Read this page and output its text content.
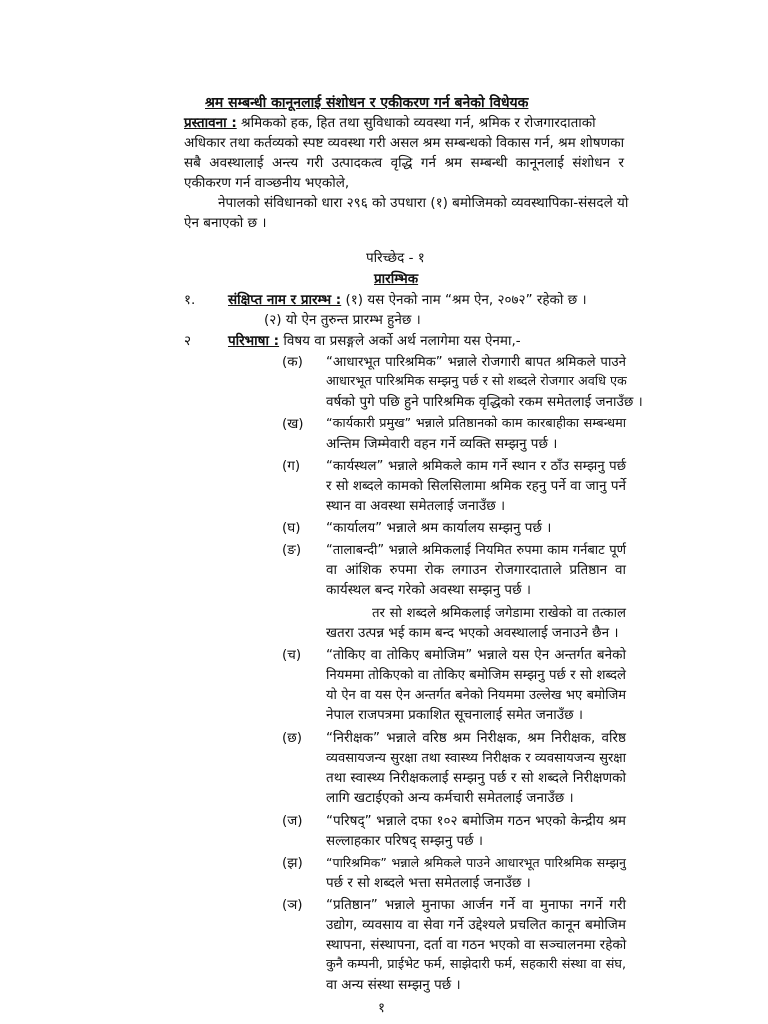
श्रम सम्बन्धी कानूनलाई संशोधन र एकीकरण गर्न बनेको विधेयक
प्रस्तावना : श्रमिकको हक, हित तथा सुविधाको व्यवस्था गर्न, श्रमिक र रोजगारदाताको
अधिकार तथा कर्तव्यको स्पष्ट व्यवस्था गरी असल श्रम सम्बन्धको विकास गर्न, श्रम शोषणका
सबै अवस्थालाई अन्त्य गरी उत्पादकत्व वृद्धि गर्न श्रम सम्बन्धी कानूनलाई संशोधन र
एकीकरण गर्न वाञ्छनीय भएकोले,
नेपालको संविधानको धारा २९६ को उपधारा (१) बमोजिमको व्यवस्थापिका-संसदले यो
ऐन बनाएको छ ।
परिच्छेद - १
प्रारम्भिक
१. संक्षिप्त नाम र प्रारम्भ : (१) यस ऐनको नाम “श्रम ऐन, २०७२” रहेको छ ।
(२) यो ऐन तुरुन्त प्रारम्भ हुनेछ ।
२	परिभाषा : विषय वा प्रसङ्गले अर्को अर्थ नलागेमा यस ऐनमा,-
(क) “आधारभूत पारिश्रमिक” भन्नाले रोजगारी बापत श्रमिकले पाउने
आधारभूत पारिश्रमिक सम्झनु पर्छ र सो शब्दले रोजगार अवधि एक
वर्षको पुगे पछि हुने पारिश्रमिक वृद्धिको रकम समेतलाई जनाउँछ ।
(ख) “कार्यकारी प्रमुख” भन्नाले प्रतिष्ठानको काम कारबाहीका सम्बन्धमा
अन्तिम जिम्मेवारी वहन गर्ने व्यक्ति सम्झनु पर्छ ।
(ग) “कार्यस्थल” भन्नाले श्रमिकले काम गर्ने स्थान र ठाँउ सम्झनु पर्छ
र सो शब्दले कामको सिलसिलामा श्रमिक रहनु पर्ने वा जानु पर्ने
स्थान वा अवस्था समेतलाई जनाउँछ ।
(घ) “कार्यालय” भन्नाले श्रम कार्यालय सम्झनु पर्छ ।
(ङ) “तालाबन्दी” भन्नाले श्रमिकलाई नियमित रुपमा काम गर्नबाट पूर्ण
वा आंशिक रुपमा रोक लगाउन रोजगारदाताले प्रतिष्ठान वा
कार्यस्थल बन्द गरेको अवस्था सम्झनु पर्छ ।
तर सो शब्दले श्रमिकलाई जगेडामा राखेको वा तत्काल
खतरा उत्पन्न भई काम बन्द भएको अवस्थालाई जनाउने छैन ।
(च) “तोकिए वा तोकिए बमोजिम” भन्नाले यस ऐन अन्तर्गत बनेको
नियममा तोकिएको वा तोकिए बमोजिम सम्झनु पर्छ र सो शब्दले
यो ऐन वा यस ऐन अन्तर्गत बनेको नियममा उल्लेख भए बमोजिम
नेपाल राजपत्रमा प्रकाशित सूचनालाई समेत जनाउँछ ।
(छ) “निरीक्षक” भन्नाले वरिष्ठ श्रम निरीक्षक, श्रम निरीक्षक, वरिष्ठ
व्यवसायजन्य सुरक्षा तथा स्वास्थ्य निरीक्षक र व्यवसायजन्य सुरक्षा
तथा स्वास्थ्य निरीक्षकलाई सम्झनु पर्छ र सो शब्दले निरीक्षणको
लागि खटाईएको अन्य कर्मचारी समेतलाई जनाउँछ ।
(ज) “परिषद्” भन्नाले दफा १०२ बमोजिम गठन भएको केन्द्रीय श्रम
सल्लाहकार परिषद् सम्झनु पर्छ ।
(झ) “पारिश्रमिक” भन्नाले श्रमिकले पाउने आधारभूत पारिश्रमिक सम्झनु
पर्छ र सो शब्दले भत्ता समेतलाई जनाउँछ ।
(ञ) “प्रतिष्ठान” भन्नाले मुनाफा आर्जन गर्ने वा मुनाफा नगर्ने गरी
उद्योग, व्यवसाय वा सेवा गर्ने उद्देश्यले प्रचलित कानून बमोजिम
स्थापना, संस्थापना, दर्ता वा गठन भएको वा सञ्चालनमा रहेको
कुनै कम्पनी, प्राईभेट फर्म, साझेदारी फर्म, सहकारी संस्था वा संघ,
वा अन्य संस्था सम्झनु पर्छ ।
१
